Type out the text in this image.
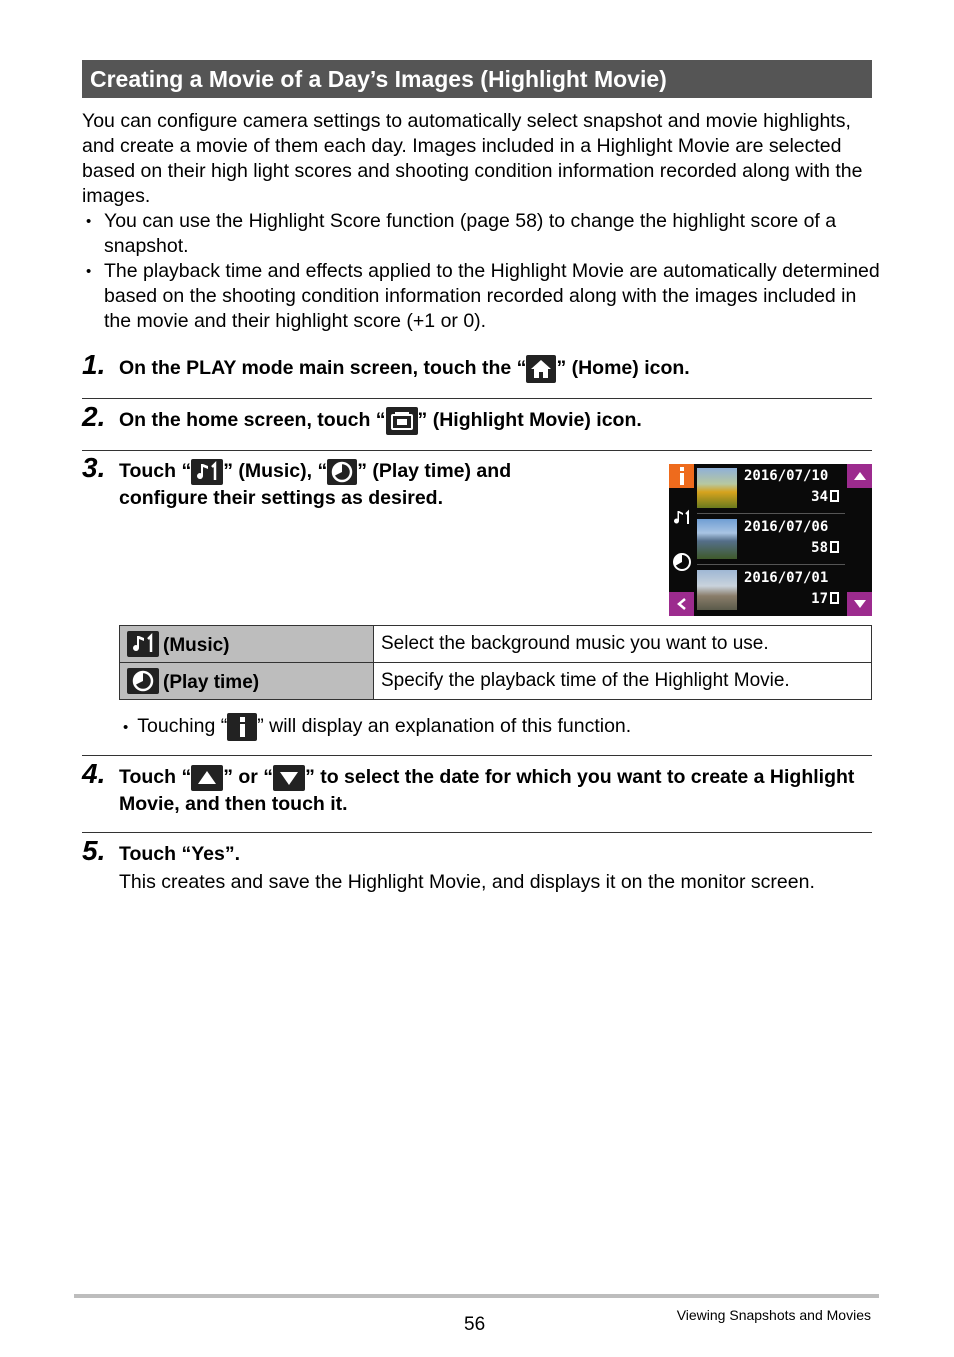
Creating a Movie of a Day’s Images (Highlight Movie)

You can configure camera settings to automatically select snapshot and movie highlights, and create a movie of them each day. Images included in a Highlight Movie are selected based on their high light scores and shooting condition information recorded along with the images.

• You can use the Highlight Score function (page 58) to change the highlight score of a snapshot.
• The playback time and effects applied to the Highlight Movie are automatically determined based on the shooting condition information recorded along with the images included in the movie and their highlight score (+1 or 0).
1. On the PLAY mode main screen, touch the “ ” (Home) icon.
2. On the home screen, touch “ ” (Highlight Movie) icon.
3. Touch “ ” (Music), “ ” (Play time) and configure their settings as desired.
2016/07/10
34
2016/07/06
58
2016/07/01
17
(Music)	Select the background music you want to use.

(Play time)	Specify the playback time of the Highlight Movie.
• Touching “ ” will display an explanation of this function.
4. Touch “ ” or “ ” to select the date for which you want to create a Highlight Movie, and then touch it.
5. Touch “Yes”.
This creates and save the Highlight Movie, and displays it on the monitor screen.
56	Viewing Snapshots and Movies
